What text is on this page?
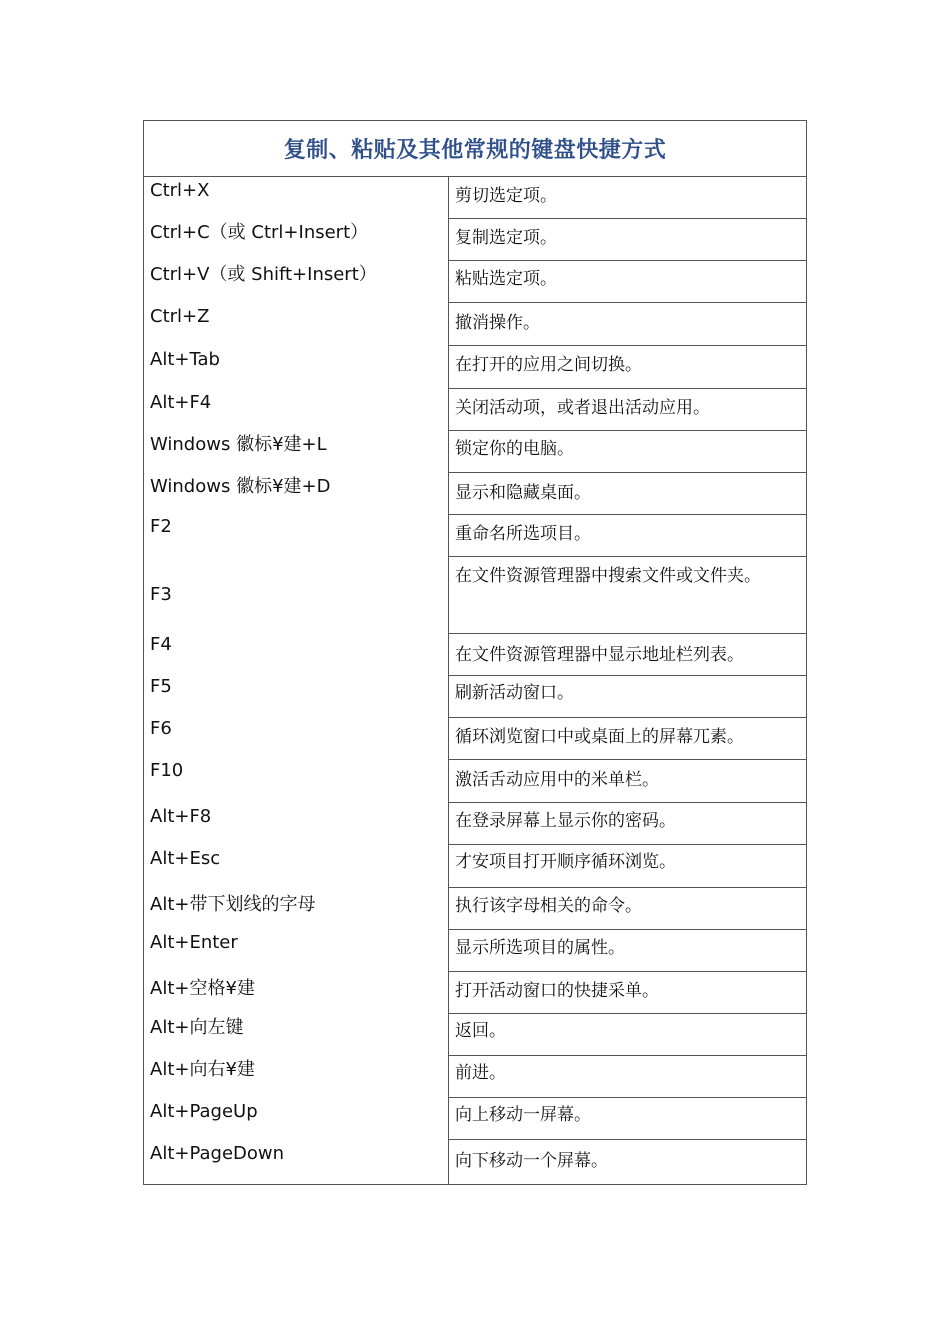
复制、粘贴及其他常规的键盘快捷方式
Ctrl+X
Ctrl+C（或 Ctrl+Insert）
Ctrl+V（或 Shift+Insert）
Ctrl+Z
Alt+Tab
Alt+F4
Windows 徽标¥建+L
Windows 徽标¥建+D
F2
F3
F4
F5
F6
F10
Alt+F8
Alt+Esc
Alt+带下划线的字母
Alt+Enter
Alt+空格¥建
Alt+向左键
Alt+向右¥建
Alt+PageUp
Alt+PageDown
剪切选定项。
复制选定项。
粘贴选定项。
撤消操作。
在打开的应用之间切换。
关闭活动项，或者退出活动应用。
锁定你的电脑。
显示和隐藏桌面。
重命名所选项目。
在文件资源管理器中搜索文件或文件夹。
在文件资源管理器中显示地址栏列表。
刷新活动窗口。
循环浏览窗口中或桌面上的屏幕兀素。
激活舌动应用中的米单栏。
在登录屏幕上显示你的密码。
才安项目打开顺序循环浏览。
执行该字母相关的命令。
显示所选项目的属性。
打开活动窗口的快捷采单。
返回。
前进。
向上移动一屏幕。
向下移动一个屏幕。
